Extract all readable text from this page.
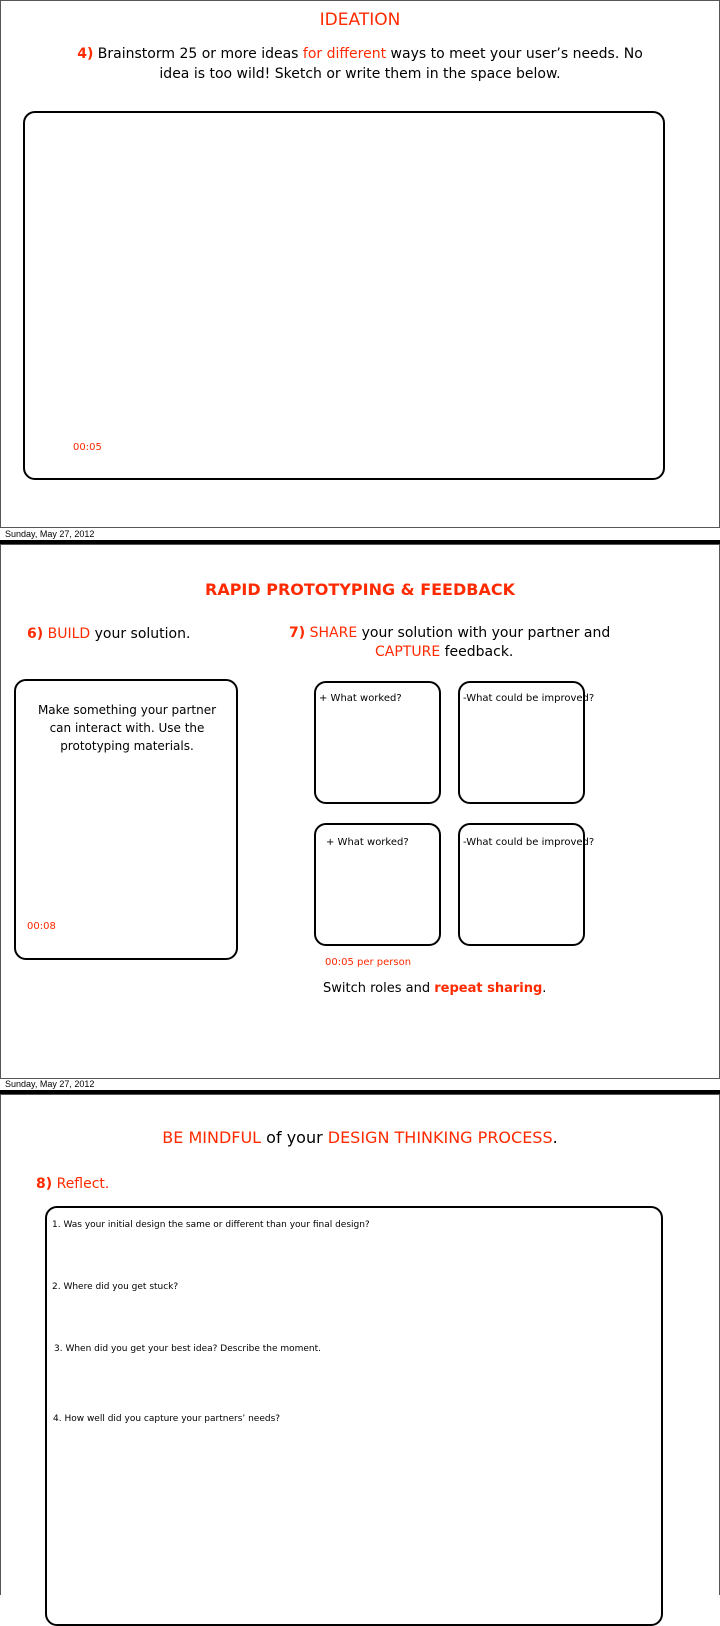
IDEATION
4) Brainstorm 25 or more ideas for different ways to meet your user’s needs. No
idea is too wild! Sketch or write them in the space below.
00:05
Sunday, May 27, 2012
RAPID PROTOTYPING & FEEDBACK
6) BUILD your solution.
Make something your partner can interact with. Use the prototyping materials.
00:08
7) SHARE your solution with your partner and
CAPTURE feedback.
+ What worked?	-What could be improved?
+ What worked?	-What could be improved?
00:05 per person
Switch roles and repeat sharing.
Sunday, May 27, 2012
BE MINDFUL of your DESIGN THINKING PROCESS.
8) Reflect.
1. Was your initial design the same or different than your final design?
2. Where did you get stuck?
3. When did you get your best idea? Describe the moment.
4. How well did you capture your partners’ needs?
